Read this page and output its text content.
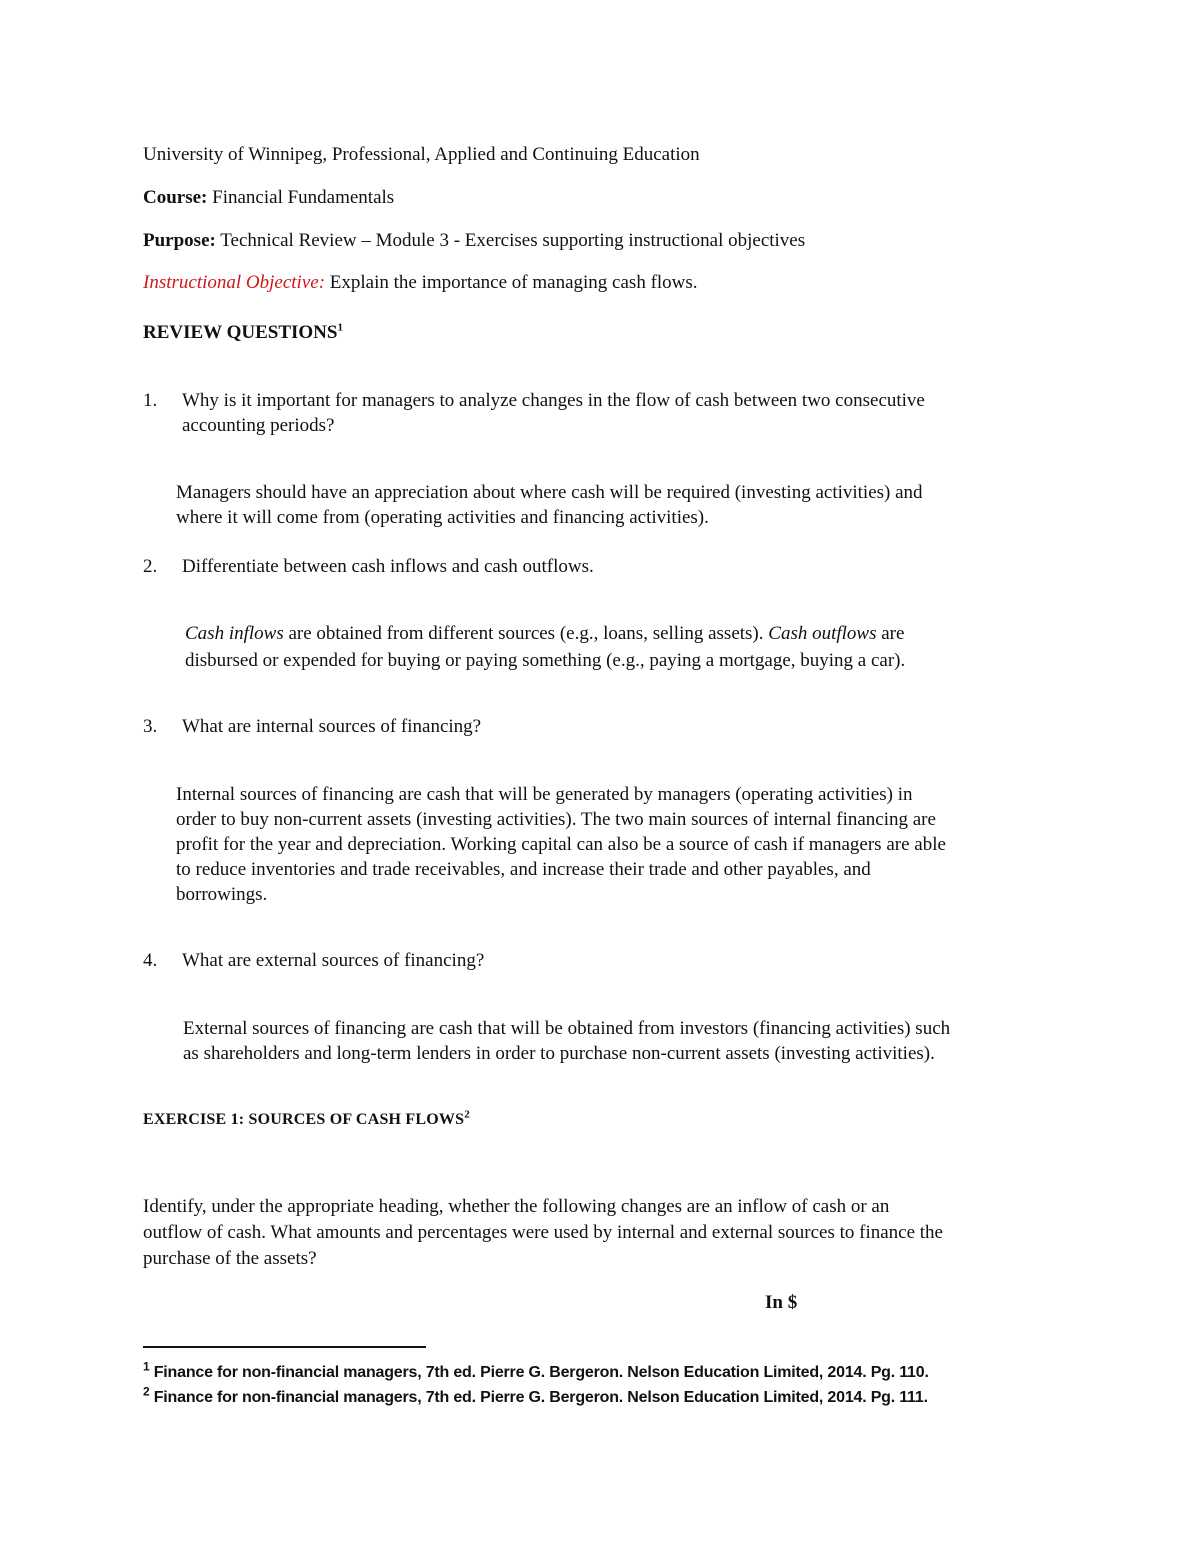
University of Winnipeg, Professional, Applied and Continuing Education
Course: Financial Fundamentals
Purpose: Technical Review – Module 3 - Exercises supporting instructional objectives
Instructional Objective: Explain the importance of managing cash flows.
REVIEW QUESTIONS$^1$
1. Why is it important for managers to analyze changes in the flow of cash between two consecutive
accounting periods?
Managers should have an appreciation about where cash will be required (investing activities) and
where it will come from (operating activities and financing activities).
2. Differentiate between cash inflows and cash outflows.
Cash inflows are obtained from different sources (e.g., loans, selling assets). Cash outflows are
disbursed or expended for buying or paying something (e.g., paying a mortgage, buying a car).
3. What are internal sources of financing?
Internal sources of financing are cash that will be generated by managers (operating activities) in
order to buy non-current assets (investing activities). The two main sources of internal financing are
profit for the year and depreciation. Working capital can also be a source of cash if managers are able
to reduce inventories and trade receivables, and increase their trade and other payables, and
borrowings.
4. What are external sources of financing?
External sources of financing are cash that will be obtained from investors (financing activities) such
as shareholders and long-term lenders in order to purchase non-current assets (investing activities).
EXERCISE 1: SOURCES OF CASH FLOWS$^2$
Identify, under the appropriate heading, whether the following changes are an inflow of cash or an
outflow of cash. What amounts and percentages were used by internal and external sources to finance the
purchase of the assets?
In $
$^1$ Finance for non-financial managers, 7th ed. Pierre G. Bergeron. Nelson Education Limited, 2014. Pg. 110.
$^2$ Finance for non-financial managers, 7th ed. Pierre G. Bergeron. Nelson Education Limited, 2014. Pg. 111.
